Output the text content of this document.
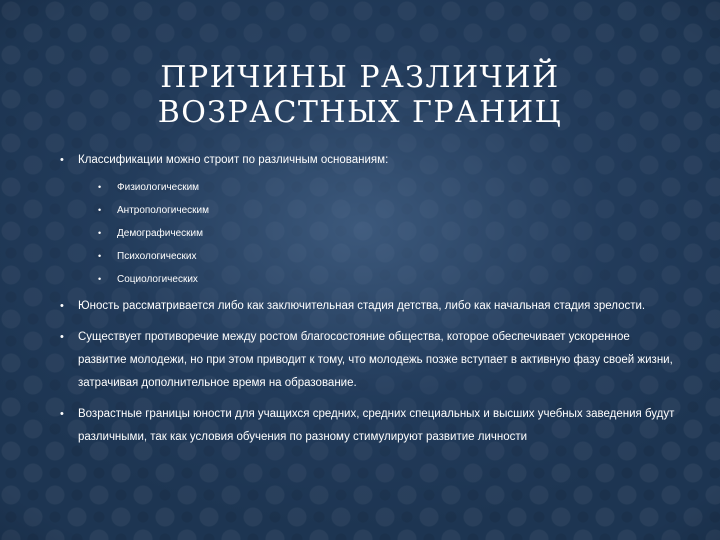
ПРИЧИНЫ РАЗЛИЧИЙ
ВОЗРАСТНЫХ ГРАНИЦ
• Классификации можно строит по различным основаниям:
• Физиологическим
• Антропологическим
• Демографическим
• Психологических
• Социологических
• Юность рассматривается либо как заключительная стадия детства, либо как начальная стадия зрелости.
• Существует противоречие между ростом благосостояние общества, которое обеспечивает ускоренное развитие молодежи, но при этом приводит к тому, что молодежь позже вступает в активную фазу своей жизни, затрачивая дополнительное время на образование.
• Возрастные границы юности для учащихся средних, средних специальных и высших учебных заведения будут различными, так как условия обучения по разному стимулируют развитие личности
